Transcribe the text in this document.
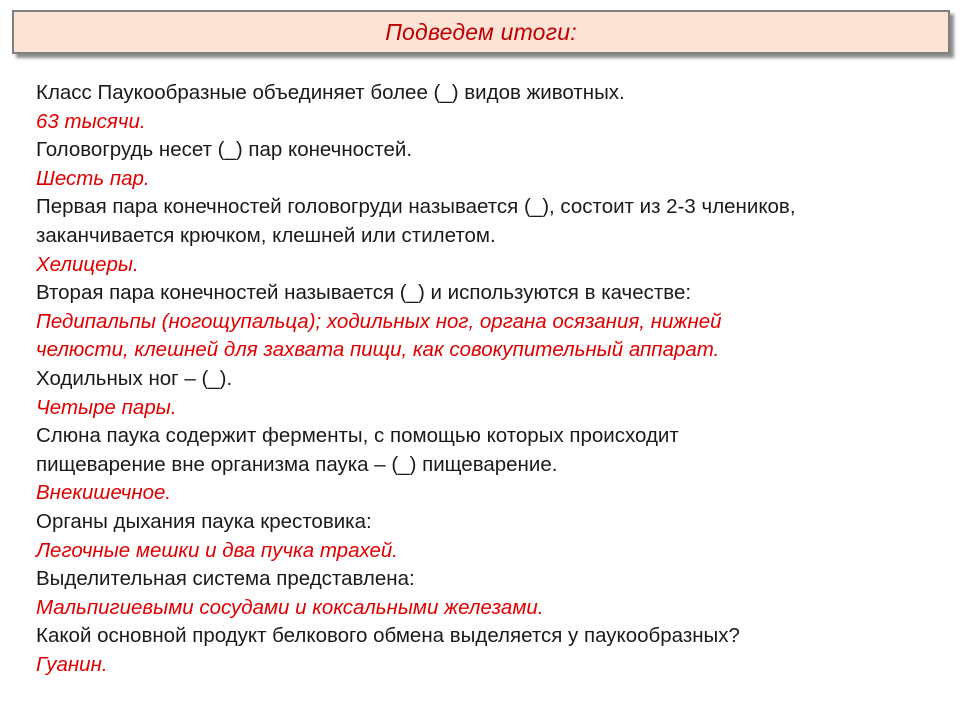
Подведем итоги:
Класс Паукообразные объединяет более (_) видов животных.
63 тысячи.
Головогрудь несет (_) пар конечностей.
Шесть пар.
Первая пара конечностей головогруди называется (_), состоит из 2-3 члеников,
заканчивается крючком, клешней или стилетом.
Хелицеры.
Вторая пара конечностей называется (_) и используются в качестве:
Педипальпы (ногощупальца); ходильных ног, органа осязания, нижней
челюсти, клешней для захвата пищи, как совокупительный аппарат.
Ходильных ног – (_).
Четыре пары.
Слюна паука содержит ферменты, с помощью которых происходит
пищеварение вне организма паука – (_) пищеварение.
Внекишечное.
Органы дыхания паука крестовика:
Легочные мешки и два пучка трахей.
Выделительная система представлена:
Мальпигиевыми сосудами и коксальными железами.
Какой основной продукт белкового обмена выделяется у паукообразных?
Гуанин.
